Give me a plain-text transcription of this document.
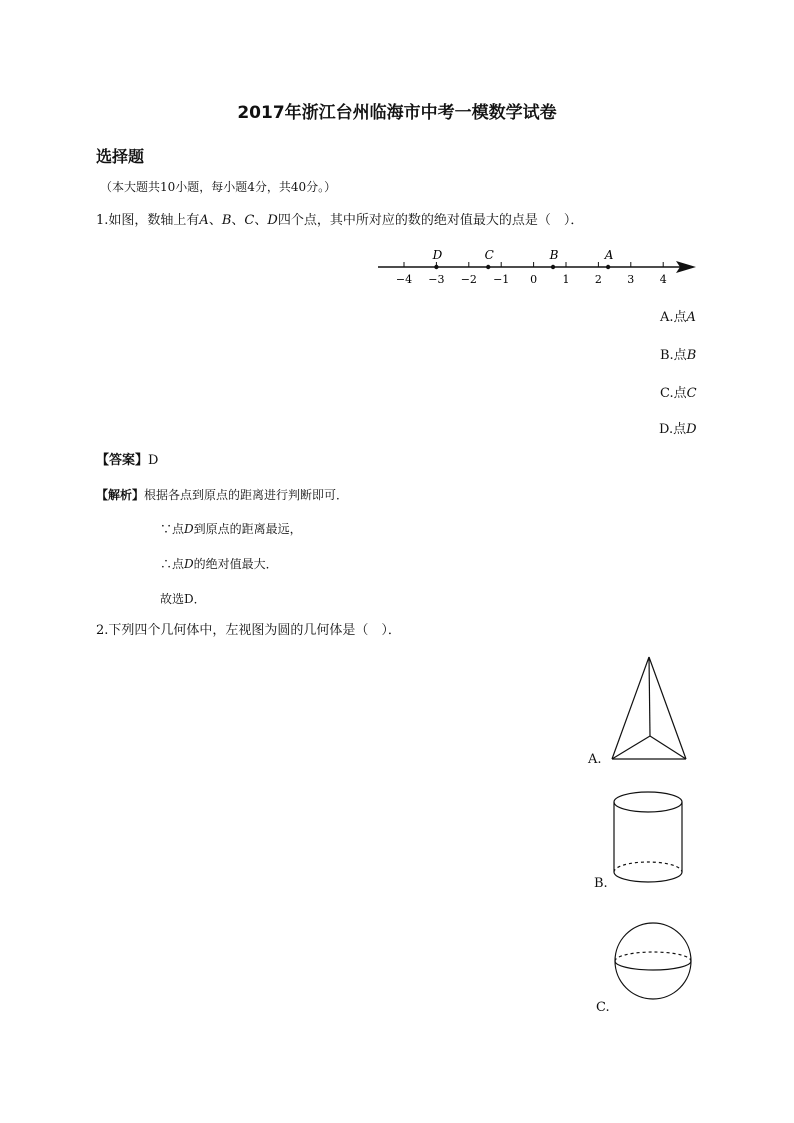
2017年浙江台州临海市中考一模数学试卷
选择题
（本大题共10小题，每小题4分，共40分。）
1.如图，数轴上有A、B、C、D四个点，其中所对应的数的绝对值最大的点是（　）．
−4 −3 −2 −1 0 1 2 3 4
D	C	B	A
A.点A
B.点B
C.点C
D.点D
【答案】D
【解析】根据各点到原点的距离进行判断即可．
∵点D到原点的距离最远，
∴点D的绝对值最大．
故选D．
2.下列四个几何体中，左视图为圆的几何体是（　）．
A.
B.
C.
